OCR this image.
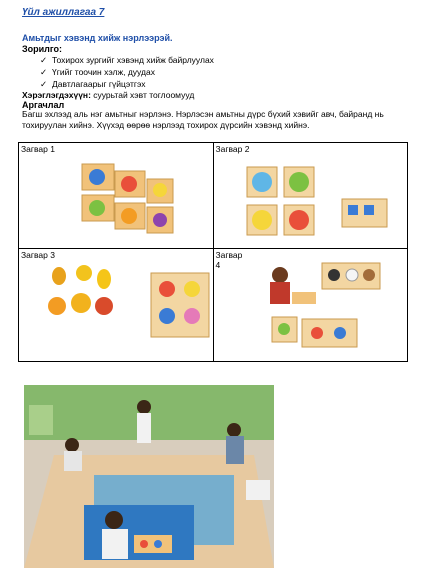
Үйл ажиллагаа 7
Амьтдыг хэвэнд хийж нэрлээрэй.
Зорилго:
✓ Тохирох зургийг хэвэнд хийж байрлуулах
✓ Үгийг тоочин хэлж, дуудах
✓ Давтлагаарыг гүйцэтгэх
Хэрэглэгдэхүүн: суурьтай хэвт тоглоомууд
Аргачлал
Багш эхлээд аль нэг амьтныг нэрлэнэ. Нэрлэсэн амьтны дүрс бүхий хэвийг авч, байранд нь тохируулан хийнэ. Хүүхэд өөрөө нэрлээд тохирох дүрсийн хэвэнд хийнэ.
Загвар 1	Загвар 2

Загвар 3	Загвар
4
